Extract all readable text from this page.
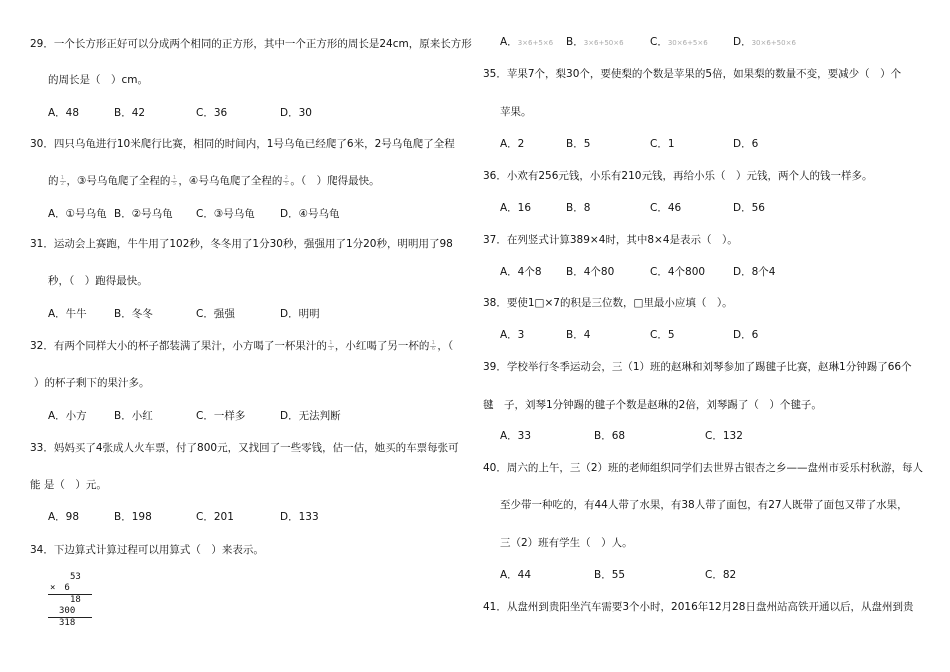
29．一个长方形正好可以分成两个相同的正方形，其中一个正方形的周长是24cm，原来长方形
的周长是（　）cm。
A．48	B．42	C．36	D．30
30．四只乌龟进行10米爬行比赛，相同的时间内，1号乌龟已经爬了6米，2号乌龟爬了全程
的 $\frac{1}{2}$ ，③号乌龟爬了全程的 $\frac{1}{5}$ ，④号乌龟爬了全程的 $\frac{2}{5}$ 。（　）爬得最快。
A．①号乌龟 B．②号乌龟 C．③号乌龟 D．④号乌龟
31．运动会上赛跑，牛牛用了102秒，冬冬用了1分30秒，强强用了1分20秒，明明用了98
秒，（　）跑得最快。
A．牛牛	B．冬冬	C．强强	D．明明
32．有两个同样大小的杯子都装满了果汁，小方喝了一杯果汁的 $\frac{1}{3}$ ，小红喝了另一杯的 $\frac{1}{6}$ ，（
）的杯子剩下的果汁多。
A．小方	B．小红	C．一样多	D．无法判断
33．妈妈买了4张成人火车票，付了800元，又找回了一些零钱，估一估，她买的车票每张可
能 是（　）元。
A．98	B．198	C．201	D．133
34．下边算式计算过程可以用算式（　）来表示。
53
×　6
18
300
318
A．3×6+5×6 B．3×6+50×6	C．30×6+5×6 D．30×6+50×6
35．苹果7个，梨30个，要使梨的个数是苹果的5倍，如果梨的数量不变，要减少（　）个
苹果。
A．2	B．5	C．1	D．6
36．小欢有256元钱，小乐有210元钱，再给小乐（　）元钱，两个人的钱一样多。
A．16	B．8	C．46	D．56
37．在列竖式计算389×4时，其中8×4是表示（　）。
A．4个8 B．4个80	C．4个800	D．8个4
38．要使1□×7的积是三位数，□里最小应填（　）。
A．3	B．4	C．5	D．6
39．学校举行冬季运动会，三（1）班的赵琳和刘琴参加了踢毽子比赛，赵琳1分钟踢了66个
毽　子，刘琴1分钟踢的毽子个数是赵琳的2倍，刘琴踢了（　）个毽子。
A．33	B．68	C．132
40．周六的上午，三（2）班的老师组织同学们去世界古银杏之乡——盘州市妥乐村秋游，每人
至少带一种吃的，有44人带了水果，有38人带了面包，有27人既带了面包又带了水果，
三（2）班有学生（　）人。
A．44	B．55	C．82
41．从盘州到贵阳坐汽车需要3个小时，2016年12月28日盘州站高铁开通以后，从盘州到贵
